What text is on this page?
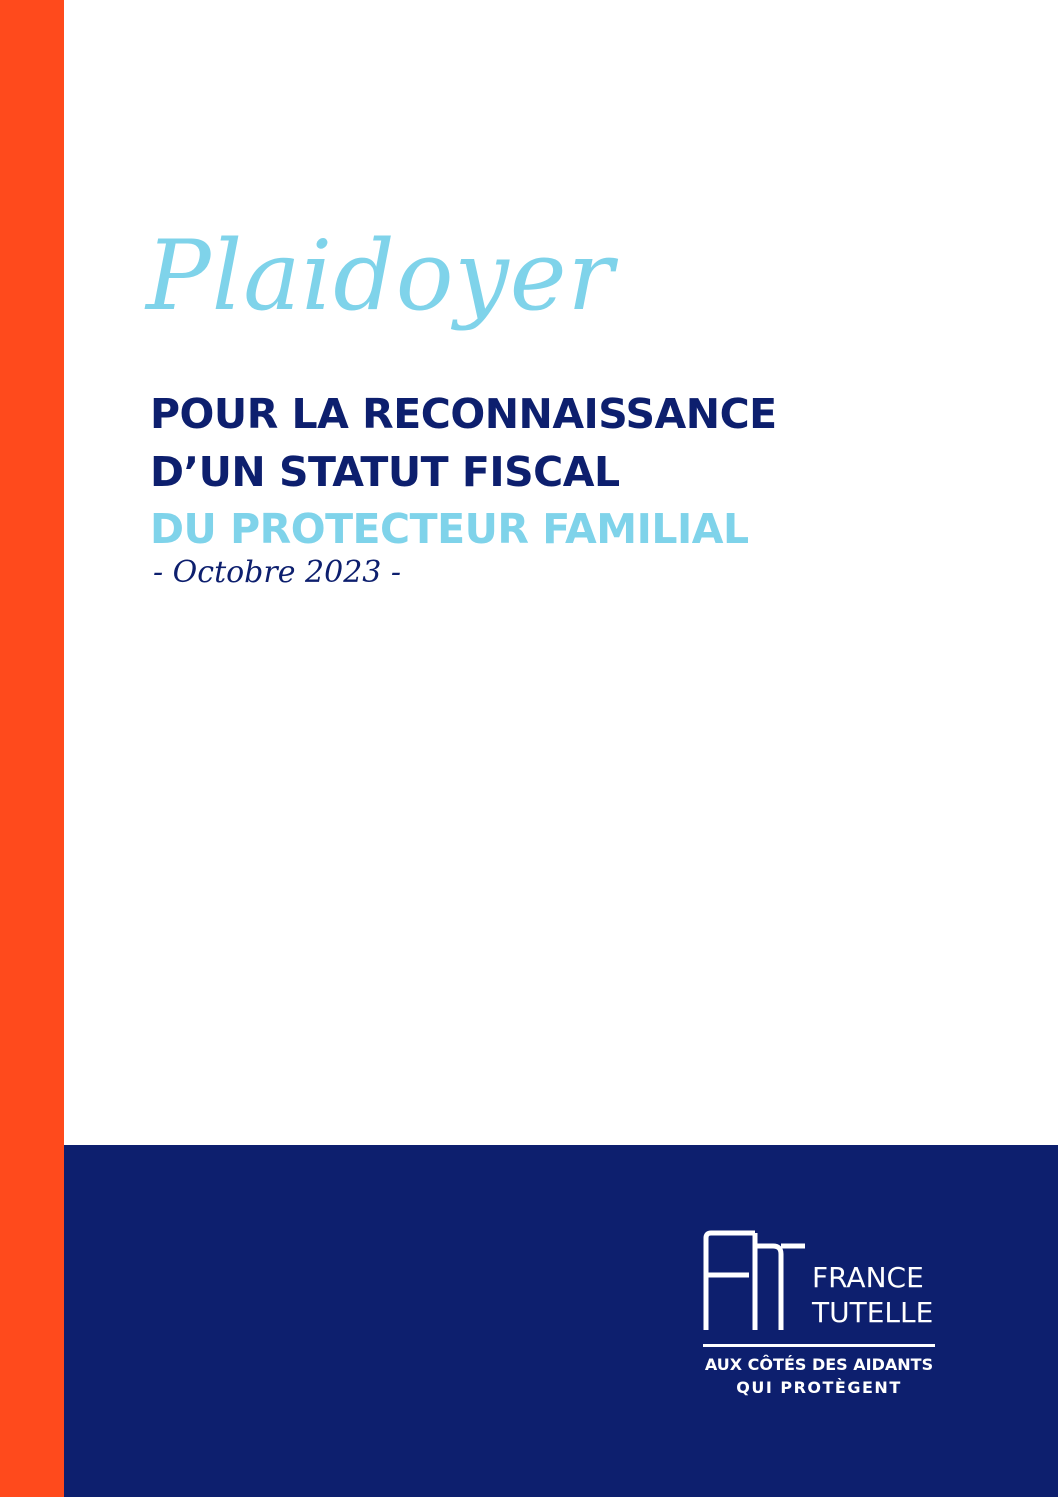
Plaidoyer
POUR LA RECONNAISSANCE
D’UN STATUT FISCAL
DU PROTECTEUR FAMILIAL
- Octobre 2023 -
FRANCE
TUTELLE
AUX CÔTÉS DES AIDANTS
QUI PROTÈGENT
